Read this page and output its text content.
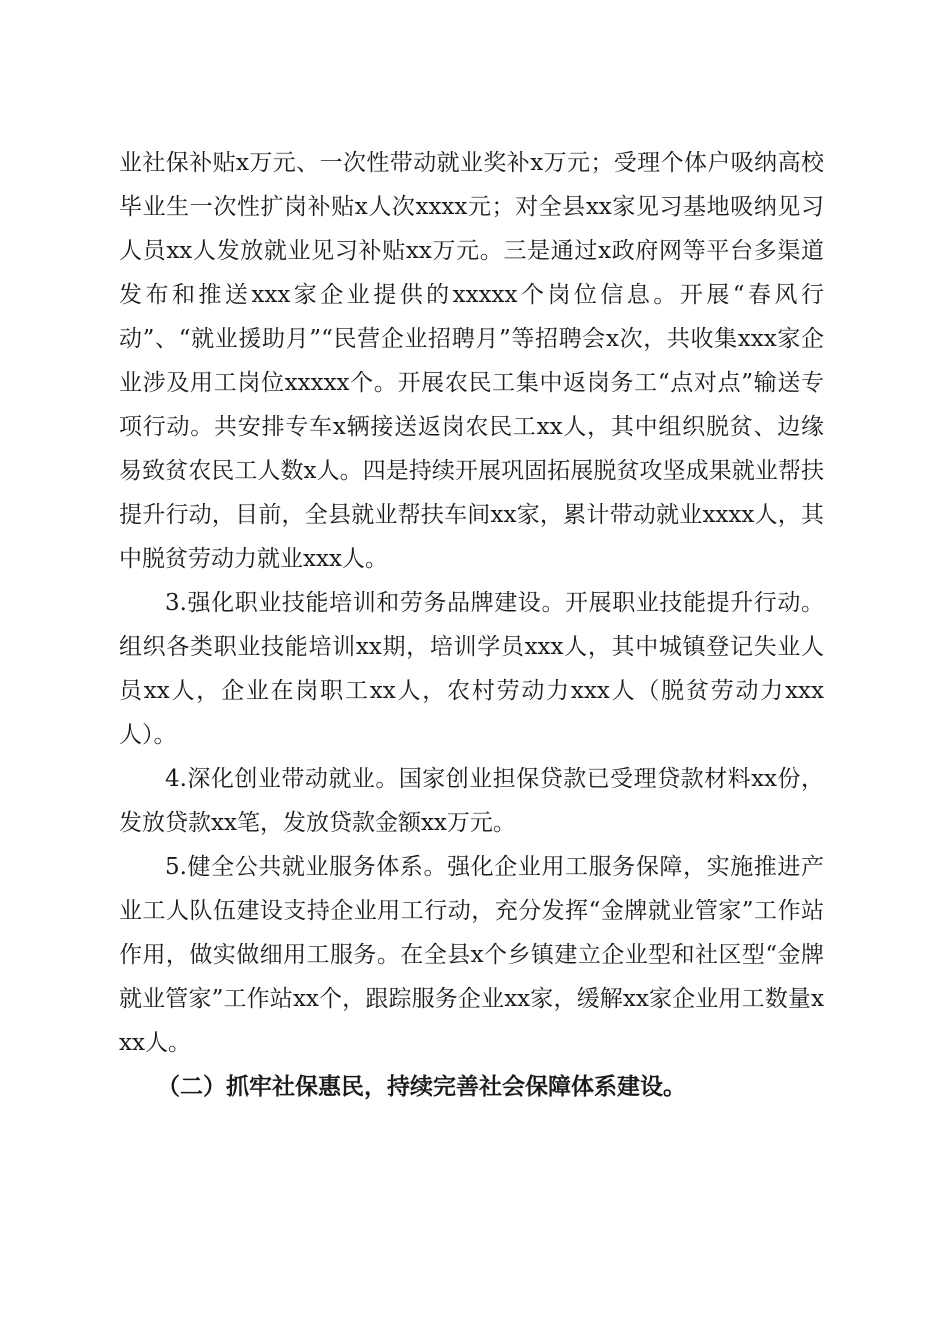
业社保补贴x万元、一次性带动就业奖补x万元；受理个体户吸纳高校毕业生一次性扩岗补贴x人次xxxx元；对全县xx家见习基地吸纳见习人员xx人发放就业见习补贴xx万元。三是通过x政府网等平台多渠道发布和推送xxx家企业提供的xxxxx个岗位信息。开展“春风行动”、“就业援助月”“民营企业招聘月”等招聘会x次，共收集xxx家企业涉及用工岗位xxxxx个。开展农民工集中返岗务工“点对点”输送专项行动。共安排专车x辆接送返岗农民工xx人，其中组织脱贫、边缘易致贫农民工人数x人。四是持续开展巩固拓展脱贫攻坚成果就业帮扶提升行动，目前，全县就业帮扶车间xx家，累计带动就业xxxx人，其中脱贫劳动力就业xxx人。

3.强化职业技能培训和劳务品牌建设。开展职业技能提升行动。组织各类职业技能培训xx期，培训学员xxx人，其中城镇登记失业人员xx人，企业在岗职工xx人，农村劳动力xxx人（脱贫劳动力xxx人）。

4.深化创业带动就业。国家创业担保贷款已受理贷款材料xx份，发放贷款xx笔，发放贷款金额xx万元。

5.健全公共就业服务体系。强化企业用工服务保障，实施推进产业工人队伍建设支持企业用工行动，充分发挥“金牌就业管家”工作站作用，做实做细用工服务。在全县x个乡镇建立企业型和社区型“金牌就业管家”工作站xx个，跟踪服务企业xx家，缓解xx家企业用工数量xxx人。

（二）抓牢社保惠民，持续完善社会保障体系建设。
